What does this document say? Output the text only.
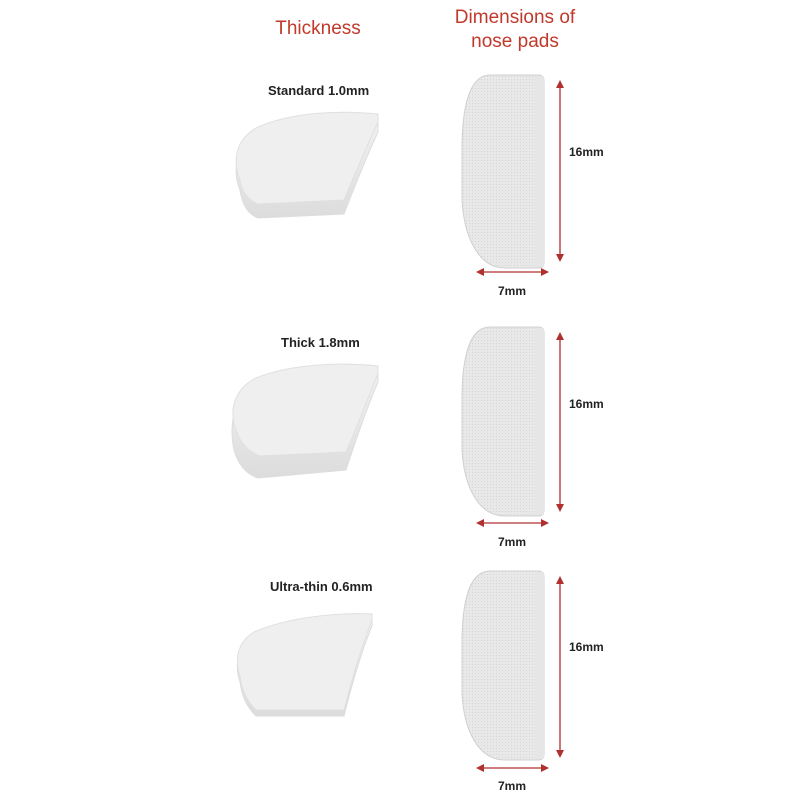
Thickness
Dimensions of
nose pads
Standard 1.0mm
Thick 1.8mm
Ultra-thin 0.6mm
16mm
7mm
16mm
7mm
16mm
7mm
